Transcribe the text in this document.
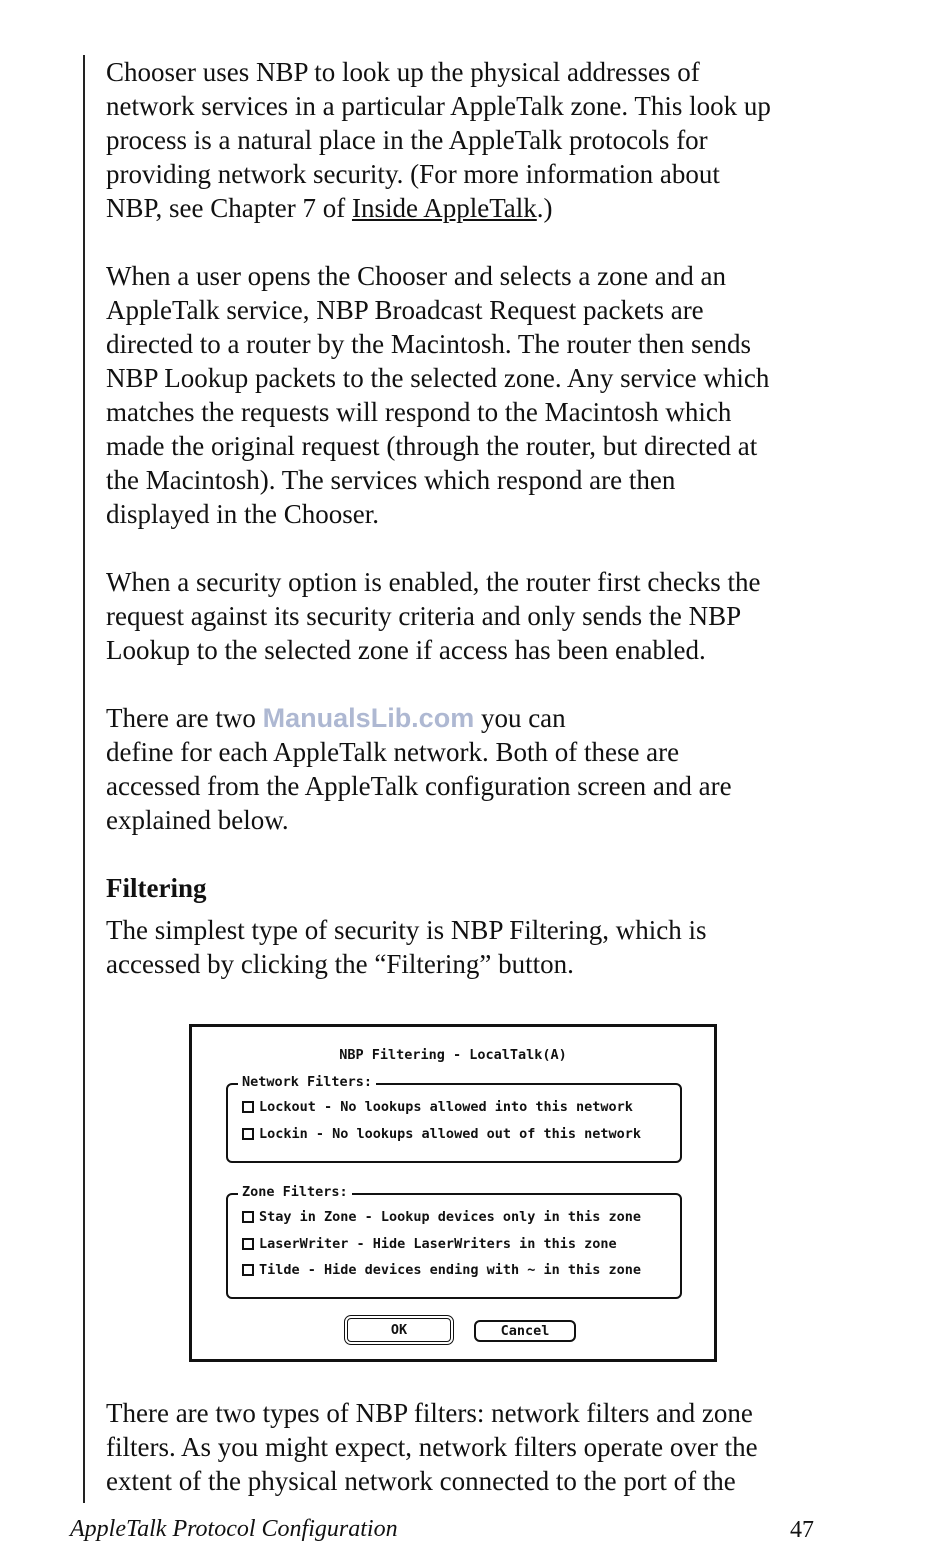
Chooser uses NBP to look up the physical addresses of
network services in a particular AppleTalk zone. This look up
process is a natural place in the AppleTalk protocols for
providing network security. (For more information about
NBP, see Chapter 7 of Inside AppleTalk.)

When a user opens the Chooser and selects a zone and an
AppleTalk service, NBP Broadcast Request packets are
directed to a router by the Macintosh. The router then sends
NBP Lookup packets to the selected zone. Any service which
matches the requests will respond to the Macintosh which
made the original request (through the router, but directed at
the Macintosh). The services which respond are then
displayed in the Chooser.

When a security option is enabled, the router first checks the
request against its security criteria and only sends the NBP
Lookup to the selected zone if access has been enabled.

There are two ManualsLib.com you can
define for each AppleTalk network. Both of these are
accessed from the AppleTalk configuration screen and are
explained below.

Filtering

The simplest type of security is NBP Filtering, which is
accessed by clicking the “Filtering” button.

NBP Filtering - LocalTalk(A)
Network Filters:
Lockout - No lookups allowed into this network
Lockin - No lookups allowed out of this network
Zone Filters:
Stay in Zone - Lookup devices only in this zone
LaserWriter - Hide LaserWriters in this zone
Tilde - Hide devices ending with ~ in this zone
OK	Cancel

There are two types of NBP filters: network filters and zone
filters. As you might expect, network filters operate over the
extent of the physical network connected to the port of the

AppleTalk Protocol Configuration	47
